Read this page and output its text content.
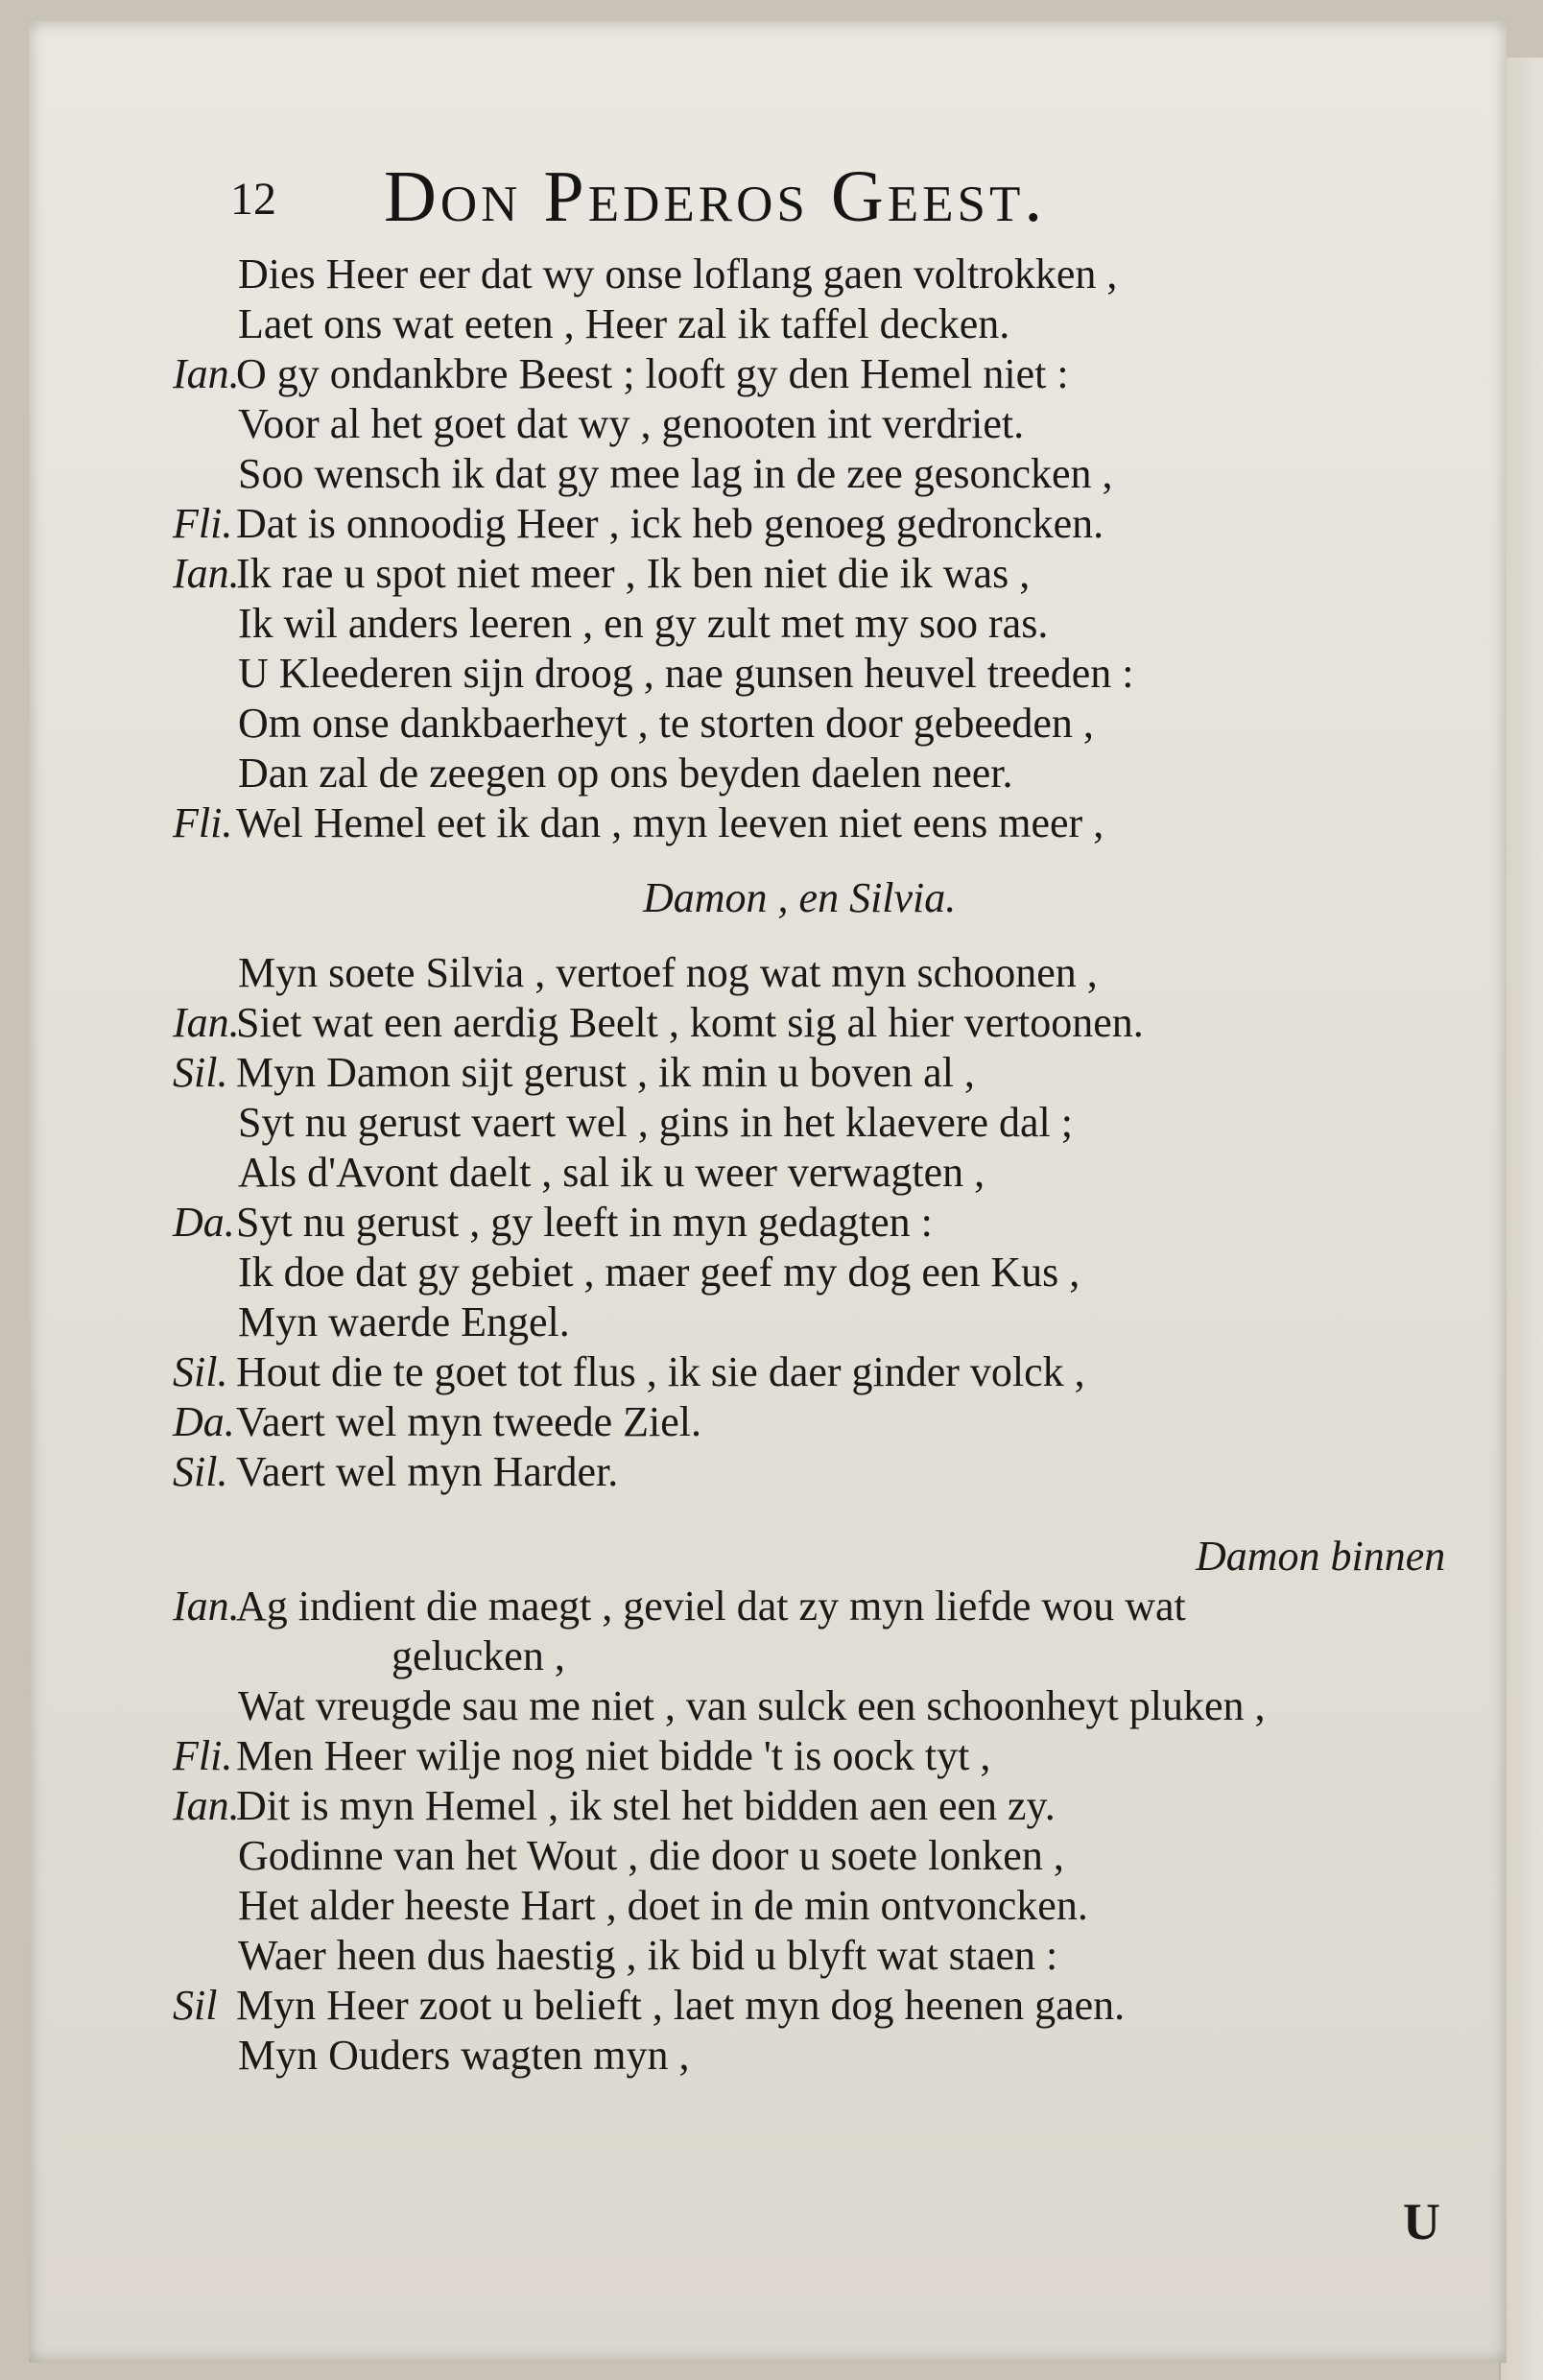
12 Don Pederos Geest.
Dies Heer eer dat wy onse loflang gaen voltrokken ,
Laet ons wat eeten , Heer zal ik taffel decken.
Ian.O gy ondankbre Beest ; looft gy den Hemel niet :
Voor al het goet dat wy , genooten int verdriet.
Soo wensch ik dat gy mee lag in de zee gesoncken ,
Fli.Dat is onnoodig Heer , ick heb genoeg gedroncken.
Ian.Ik rae u spot niet meer , Ik ben niet die ik was ,
Ik wil anders leeren , en gy zult met my soo ras.
U Kleederen sijn droog , nae gunsen heuvel treeden :
Om onse dankbaerheyt , te storten door gebeeden ,
Dan zal de zeegen op ons beyden daelen neer.
Fli.Wel Hemel eet ik dan , myn leeven niet eens meer ,
Damon , en Silvia.
Myn soete Silvia , vertoef nog wat myn schoonen ,
Ian.Siet wat een aerdig Beelt , komt sig al hier vertoonen.
Sil. Myn Damon sijt gerust , ik min u boven al ,
Syt nu gerust vaert wel , gins in het klaevere dal ;
Als d'Avont daelt , sal ik u weer verwagten ,
Da.Syt nu gerust , gy leeft in myn gedagten :
Ik doe dat gy gebiet , maer geef my dog een Kus ,
Myn waerde Engel.
Sil. Hout die te goet tot flus , ik sie daer ginder volck ,
Da.Vaert wel myn tweede Ziel.
Sil. Vaert wel myn Harder.
Damon binnen
Ian.Ag indient die maegt , geviel dat zy myn liefde wou wat
gelucken ,
Wat vreugde sau me niet , van sulck een schoonheyt pluken ,
Fli.Men Heer wilje nog niet bidde 't is oock tyt ,
Ian.Dit is myn Hemel , ik stel het bidden aen een zy.
Godinne van het Wout , die door u soete lonken ,
Het alder heeste Hart , doet in de min ontvoncken.
Waer heen dus haestig , ik bid u blyft wat staen :
Sil Myn Heer zoot u belieft , laet myn dog heenen gaen.
Myn Ouders wagten myn ,
U
